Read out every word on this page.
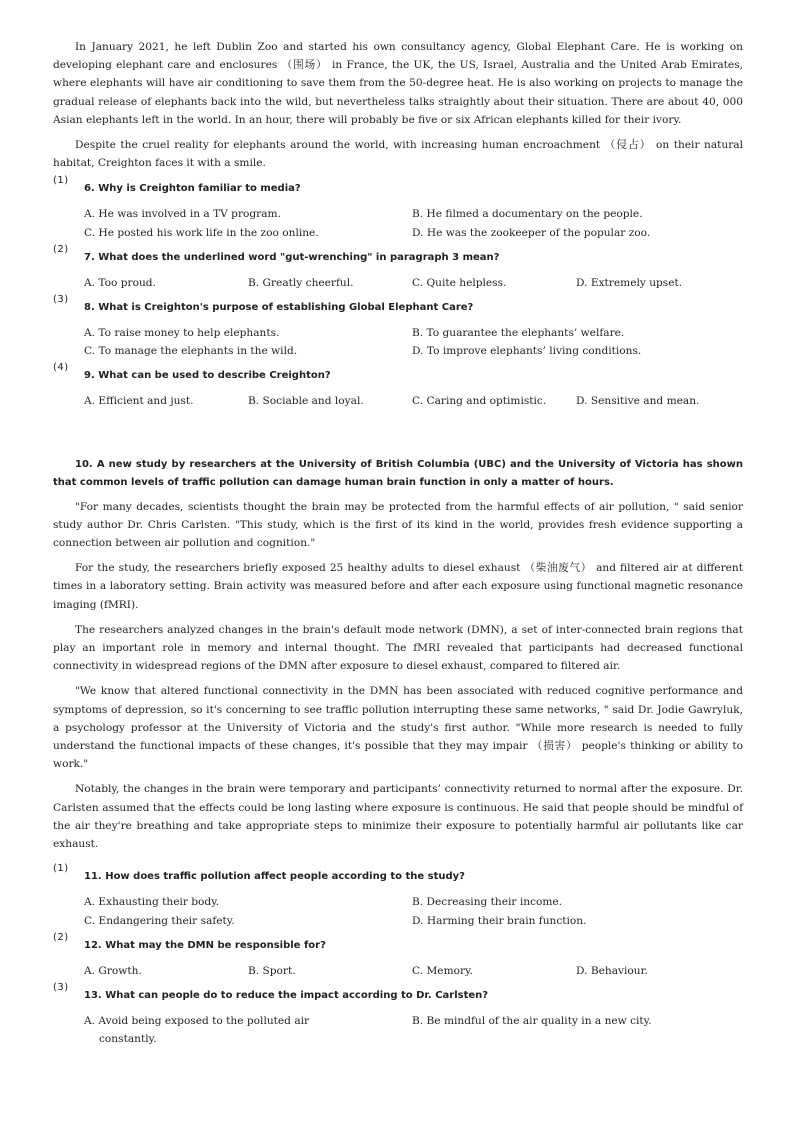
In January 2021, he left Dublin Zoo and started his own consultancy agency, Global Elephant Care. He is working on developing elephant care and enclosures （围场） in France, the UK, the US, Israel, Australia and the United Arab Emirates, where elephants will have air conditioning to save them from the 50-degree heat. He is also working on projects to manage the gradual release of elephants back into the wild, but nevertheless talks straightly about their situation. There are about 40, 000 Asian elephants left in the world. In an hour, there will probably be five or six African elephants killed for their ivory.

Despite the cruel reality for elephants around the world, with increasing human encroachment （侵占） on their natural habitat, Creighton faces it with a smile.

(1)
6. Why is Creighton familiar to media?
A. He was involved in a TV program.	B. He filmed a documentary on the people.
C. He posted his work life in the zoo online.	D. He was the zookeeper of the popular zoo.
(2)
7. What does the underlined word "gut-wrenching" in paragraph 3 mean?
A. Too proud.	B. Greatly cheerful.	C. Quite helpless.	D. Extremely upset.
(3)
8. What is Creighton's purpose of establishing Global Elephant Care?
A. To raise money to help elephants.	B. To guarantee the elephants’ welfare.
C. To manage the elephants in the wild.	D. To improve elephants’ living conditions.
(4)
9. What can be used to describe Creighton?
A. Efficient and just.	B. Sociable and loyal.	C. Caring and optimistic.	D. Sensitive and mean.
10. A new study by researchers at the University of British Columbia (UBC) and the University of Victoria has shown that common levels of traffic pollution can damage human brain function in only a matter of hours.

"For many decades, scientists thought the brain may be protected from the harmful effects of air pollution, " said senior study author Dr. Chris Carlsten. "This study, which is the first of its kind in the world, provides fresh evidence supporting a connection between air pollution and cognition."

For the study, the researchers briefly exposed 25 healthy adults to diesel exhaust （柴油废气） and filtered air at different times in a laboratory setting. Brain activity was measured before and after each exposure using functional magnetic resonance imaging (fMRI).

The researchers analyzed changes in the brain's default mode network (DMN), a set of inter-connected brain regions that play an important role in memory and internal thought. The fMRI revealed that participants had decreased functional connectivity in widespread regions of the DMN after exposure to diesel exhaust, compared to filtered air.

"We know that altered functional connectivity in the DMN has been associated with reduced cognitive performance and symptoms of depression, so it's concerning to see traffic pollution interrupting these same networks, " said Dr. Jodie Gawryluk, a psychology professor at the University of Victoria and the study's first author. "While more research is needed to fully understand the functional impacts of these changes, it's possible that they may impair （损害） people's thinking or ability to work."

Notably, the changes in the brain were temporary and participants’ connectivity returned to normal after the exposure. Dr. Carlsten assumed that the effects could be long lasting where exposure is continuous. He said that people should be mindful of the air they're breathing and take appropriate steps to minimize their exposure to potentially harmful air pollutants like car exhaust.

(1)
11. How does traffic pollution affect people according to the study?
A. Exhausting their body.	B. Decreasing their income.
C. Endangering their safety.	D. Harming their brain function.
(2)
12. What may the DMN be responsible for?
A. Growth.	B. Sport.	C. Memory.	D. Behaviour.
(3)
13. What can people do to reduce the impact according to Dr. Carlsten?
A. Avoid being exposed to the polluted air constantly.
B. Be mindful of the air quality in a new city.
